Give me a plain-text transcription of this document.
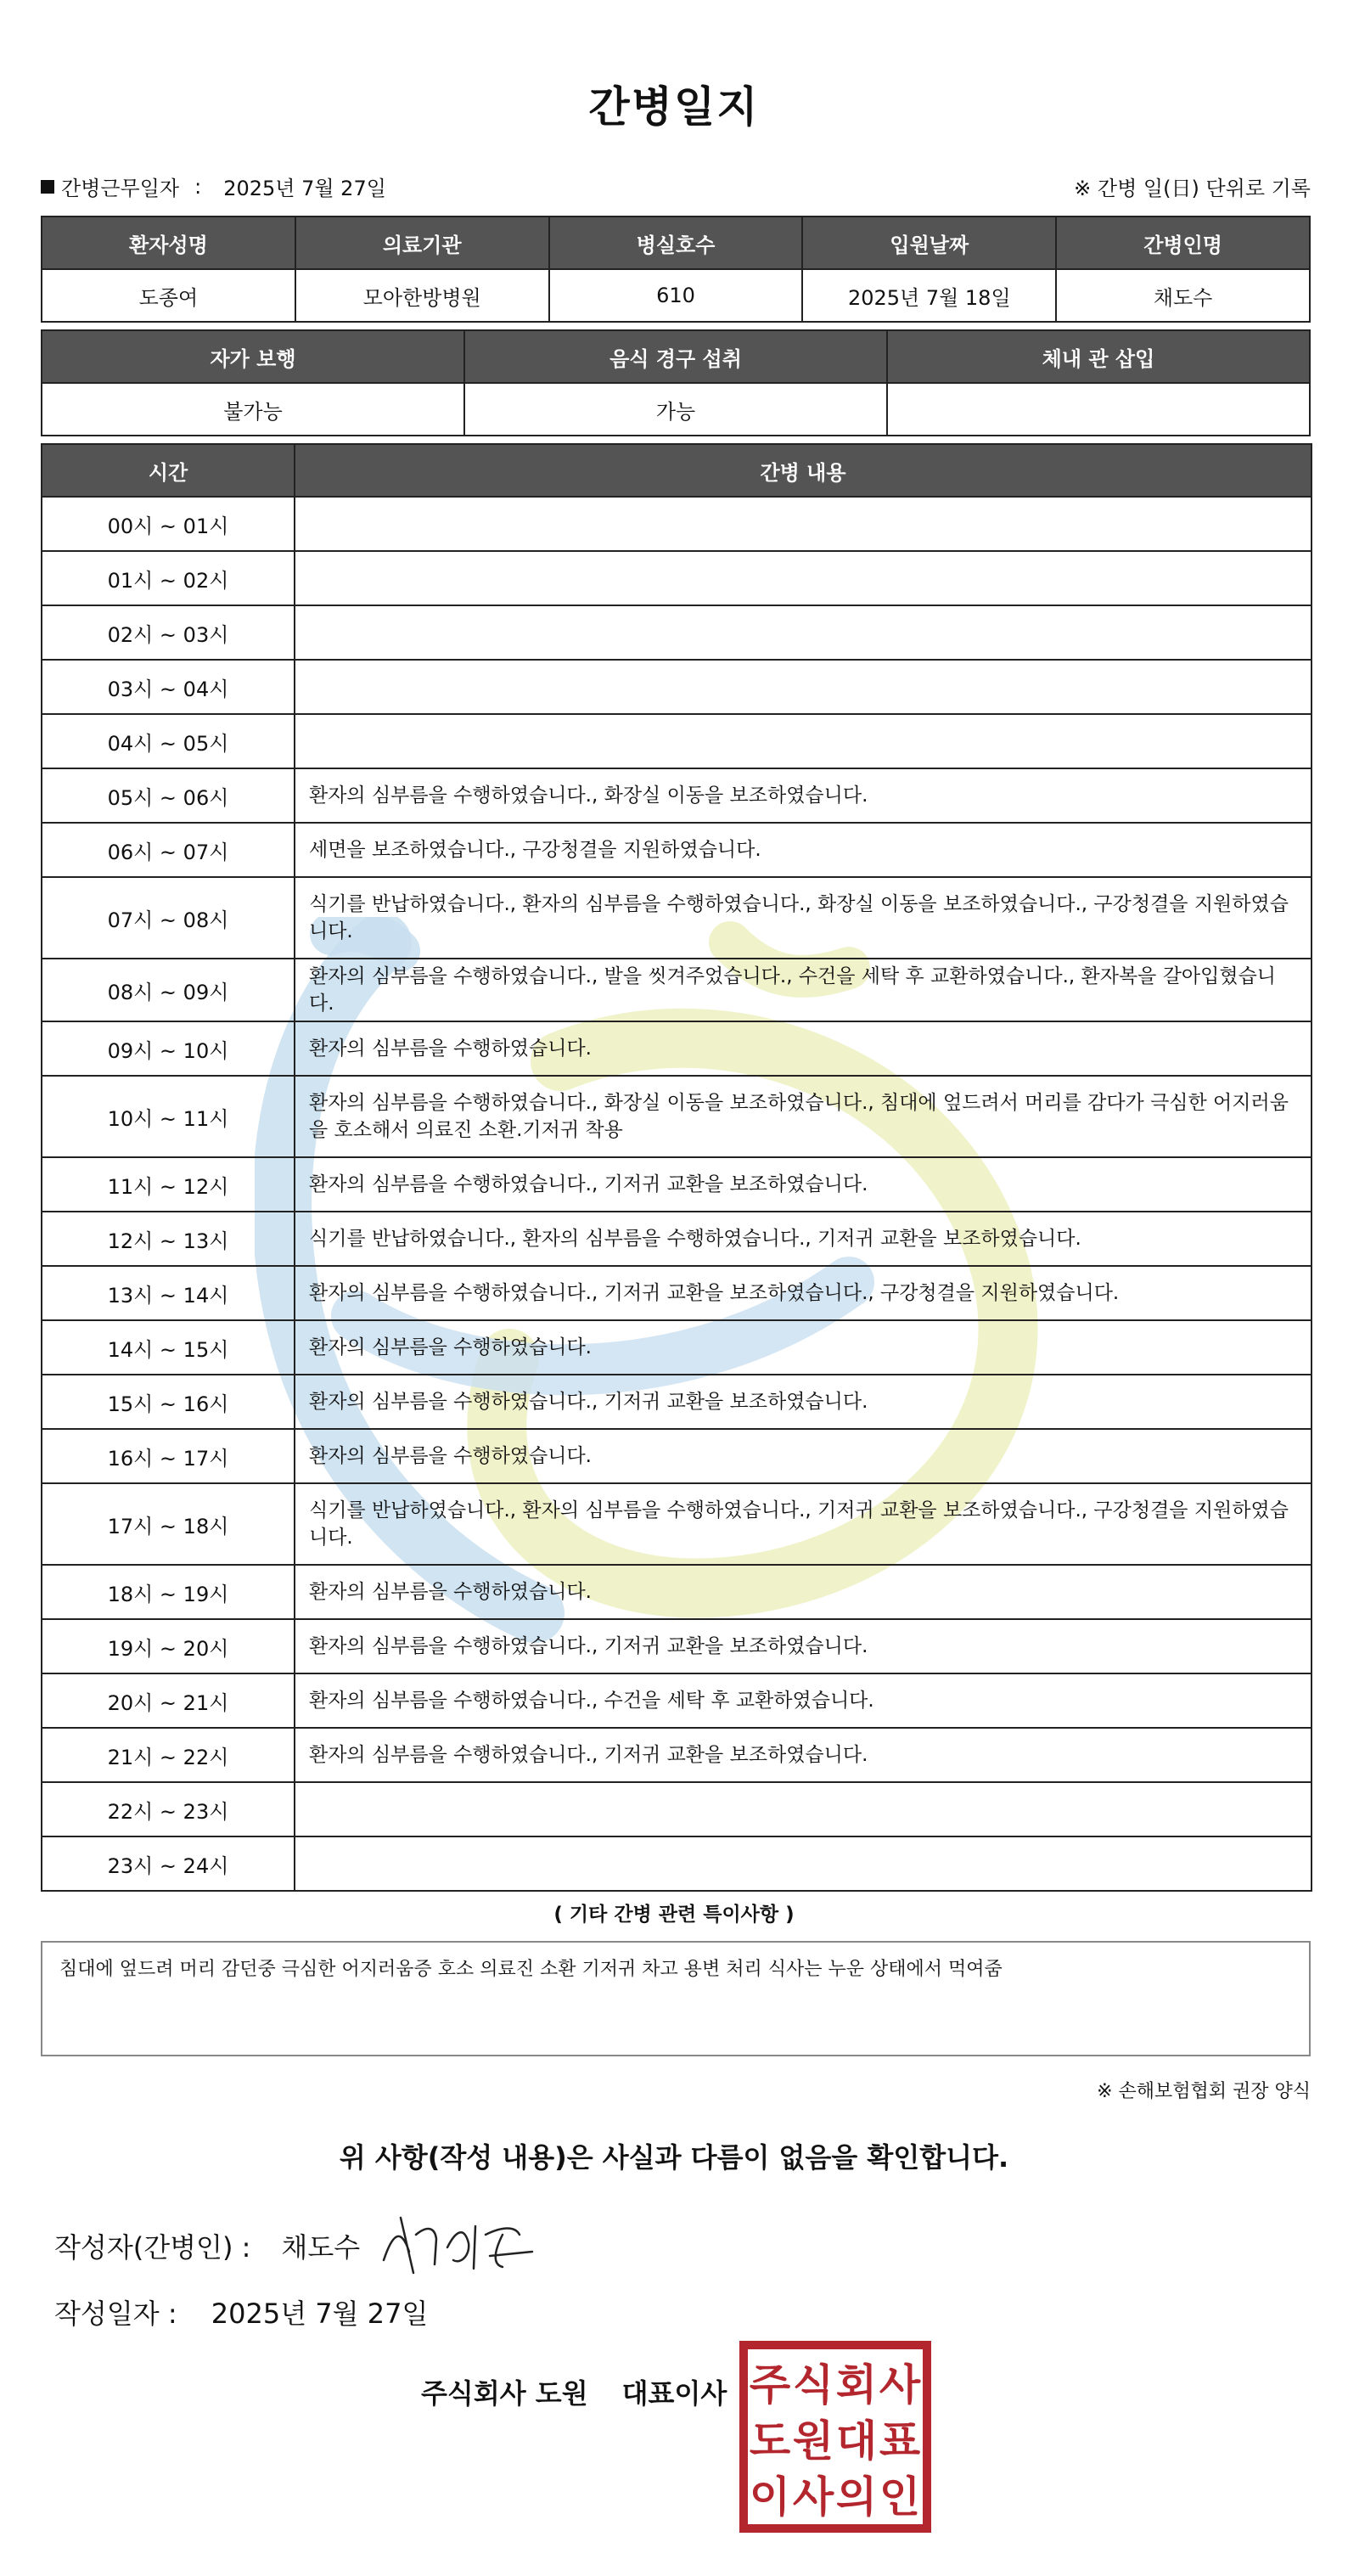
간병일지
간병근무일자 : 2025년 7월 27일	※ 간병 일(日) 단위로 기록
환자성명	의료기관	병실호수	입원날짜	간병인명
도종여	모아한방병원	610	2025년 7월 18일	채도수
자가 보행	음식 경구 섭취	체내 관 삽입
불가능	가능	
시간	간병 내용
00시 ~ 01시	
01시 ~ 02시	
02시 ~ 03시	
03시 ~ 04시	
04시 ~ 05시	
05시 ~ 06시	환자의 심부름을 수행하였습니다., 화장실 이동을 보조하였습니다.
06시 ~ 07시	세면을 보조하였습니다., 구강청결을 지원하였습니다.
07시 ~ 08시	식기를 반납하였습니다., 환자의 심부름을 수행하였습니다., 화장실 이동을 보조하였습니다., 구강청결을 지원하였습니다.
08시 ~ 09시	환자의 심부름을 수행하였습니다., 발을 씻겨주었습니다., 수건을 세탁 후 교환하였습니다., 환자복을 갈아입혔습니다.
09시 ~ 10시	환자의 심부름을 수행하였습니다.
10시 ~ 11시	환자의 심부름을 수행하였습니다., 화장실 이동을 보조하였습니다., 침대에 엎드려서 머리를 감다가 극심한 어지러움을 호소해서 의료진 소환.기저귀 착용
11시 ~ 12시	환자의 심부름을 수행하였습니다., 기저귀 교환을 보조하였습니다.
12시 ~ 13시	식기를 반납하였습니다., 환자의 심부름을 수행하였습니다., 기저귀 교환을 보조하였습니다.
13시 ~ 14시	환자의 심부름을 수행하였습니다., 기저귀 교환을 보조하였습니다., 구강청결을 지원하였습니다.
14시 ~ 15시	환자의 심부름을 수행하였습니다.
15시 ~ 16시	환자의 심부름을 수행하였습니다., 기저귀 교환을 보조하였습니다.
16시 ~ 17시	환자의 심부름을 수행하였습니다.
17시 ~ 18시	식기를 반납하였습니다., 환자의 심부름을 수행하였습니다., 기저귀 교환을 보조하였습니다., 구강청결을 지원하였습니다.
18시 ~ 19시	환자의 심부름을 수행하였습니다.
19시 ~ 20시	환자의 심부름을 수행하였습니다., 기저귀 교환을 보조하였습니다.
20시 ~ 21시	환자의 심부름을 수행하였습니다., 수건을 세탁 후 교환하였습니다.
21시 ~ 22시	환자의 심부름을 수행하였습니다., 기저귀 교환을 보조하였습니다.
22시 ~ 23시	
23시 ~ 24시	
( 기타 간병 관련 특이사항 )
침대에 엎드려 머리 감던중 극심한 어지러움증 호소 의료진 소환 기저귀 차고 용변 처리 식사는 누운 상태에서 먹여줌
※ 손해보험협회 권장 양식
위 사항(작성 내용)은 사실과 다름이 없음을 확인합니다.
작성자(간병인) : 채도수
작성일자 : 2025년 7월 27일
주식회사 도원 대표이사 주 식 회 사
도 원 대 표
이 사 의 인
